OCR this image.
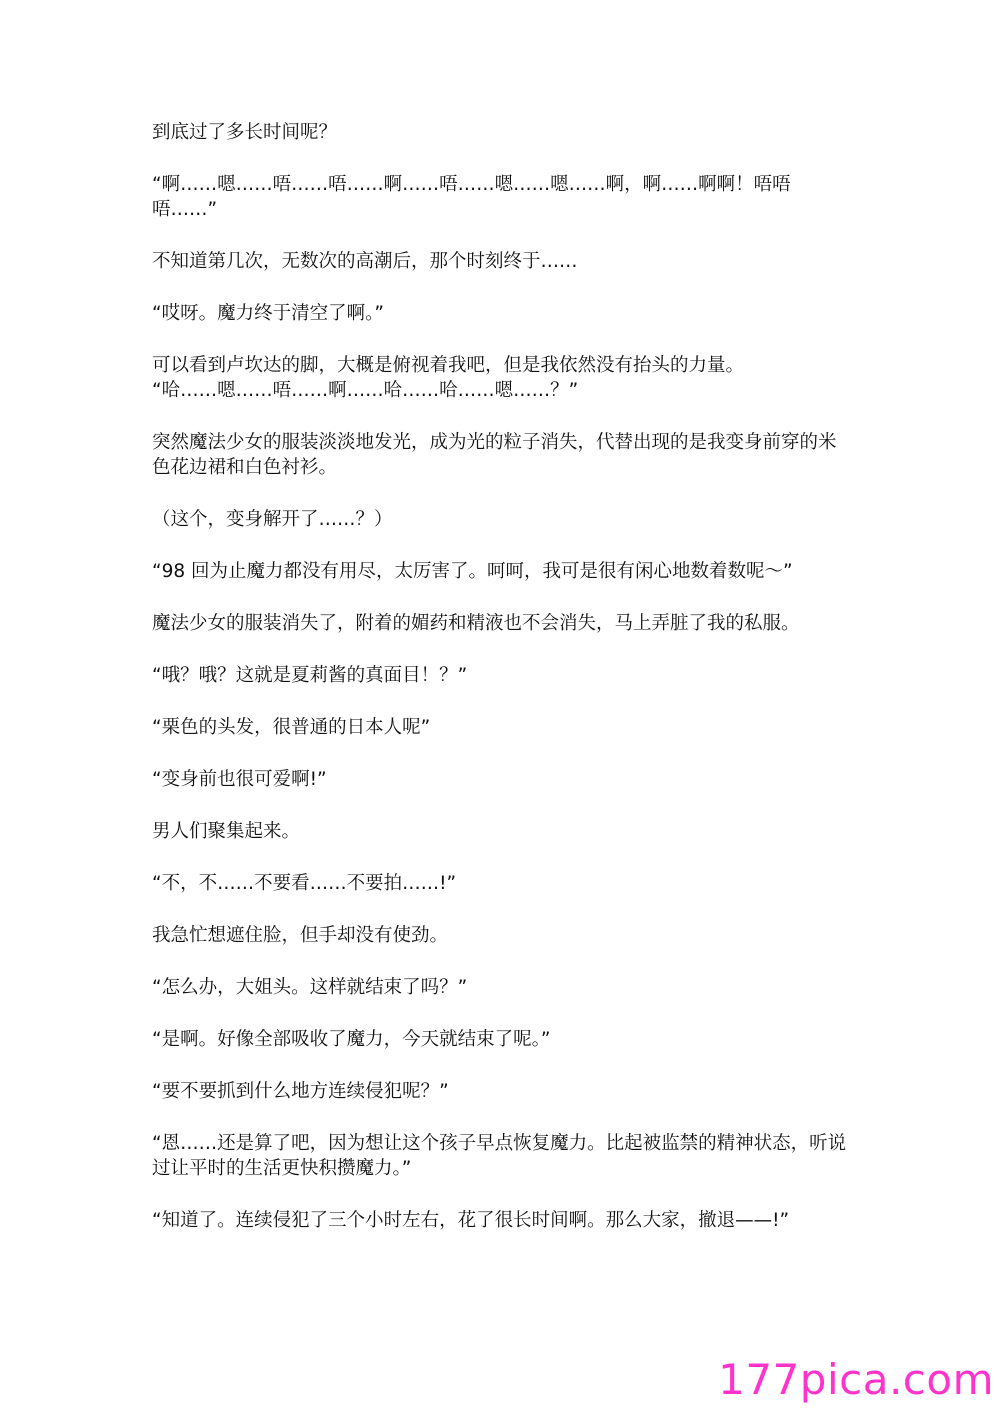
到底过了多长时间呢？

“啊……嗯……唔……唔……啊……唔……嗯……嗯……啊，啊……啊啊！唔唔唔……”

不知道第几次，无数次的高潮后，那个时刻终于……

“哎呀。魔力终于清空了啊。”

可以看到卢坎达的脚，大概是俯视着我吧，但是我依然没有抬头的力量。

“哈……嗯……唔……啊……哈……哈……嗯……？”

突然魔法少女的服装淡淡地发光，成为光的粒子消失，代替出现的是我变身前穿的米色花边裙和白色衬衫。

（这个，变身解开了……？）

“98 回为止魔力都没有用尽，太厉害了。呵呵，我可是很有闲心地数着数呢～”

魔法少女的服装消失了，附着的媚药和精液也不会消失，马上弄脏了我的私服。

“哦？哦？这就是夏莉酱的真面目！？”

“栗色的头发，很普通的日本人呢”

“变身前也很可爱啊!”

男人们聚集起来。

“不，不……不要看……不要拍……!”

我急忙想遮住脸，但手却没有使劲。

“怎么办，大姐头。这样就结束了吗？”

“是啊。好像全部吸收了魔力，今天就结束了呢。”

“要不要抓到什么地方连续侵犯呢？”

“恩……还是算了吧，因为想让这个孩子早点恢复魔力。比起被监禁的精神状态，听说过让平时的生活更快积攒魔力。”

“知道了。连续侵犯了三个小时左右，花了很长时间啊。那么大家，撤退——!”

177pica.com
